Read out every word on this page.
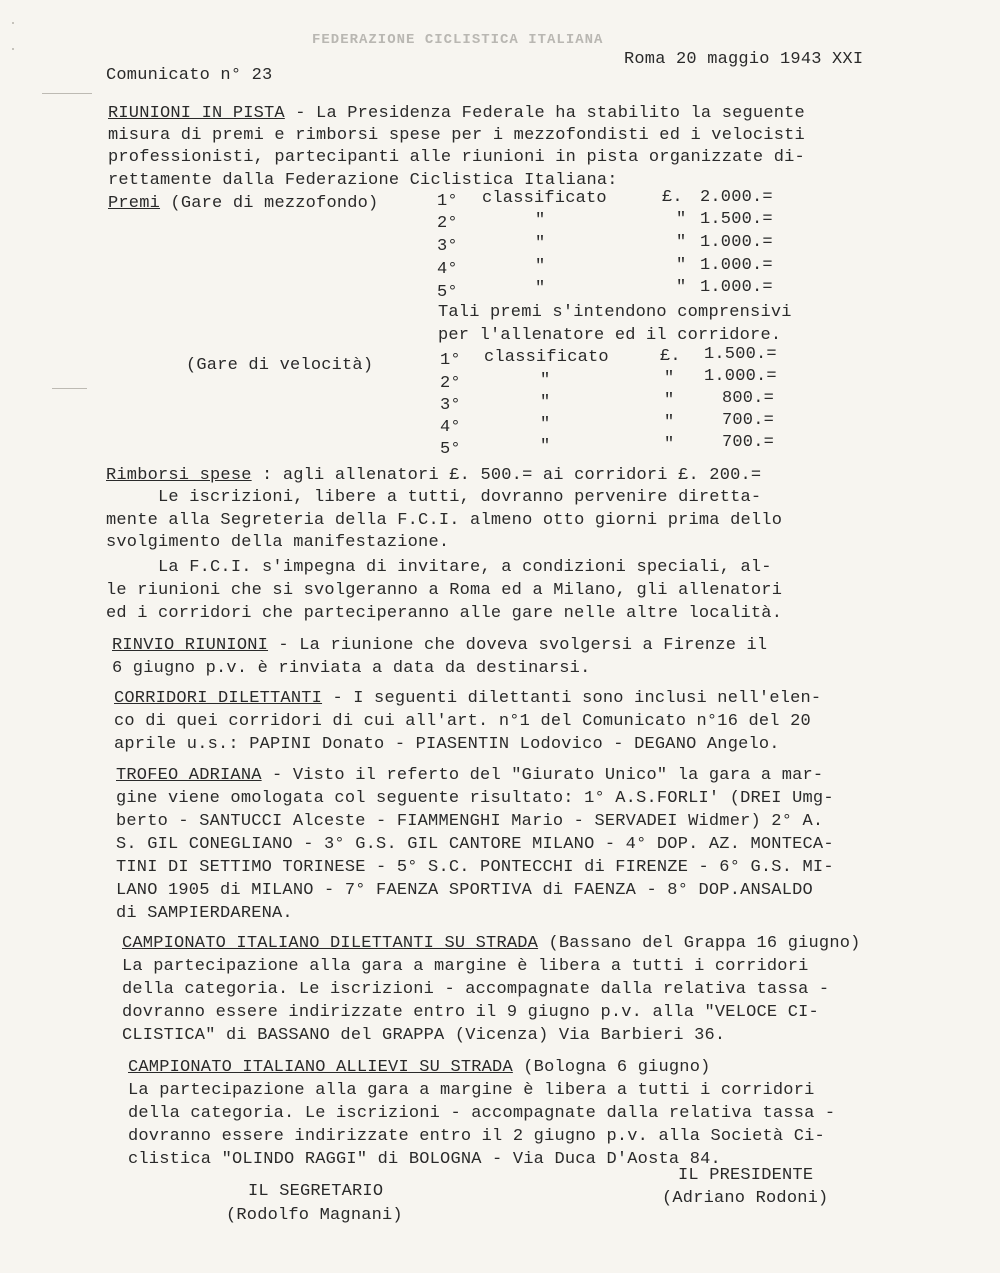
FEDERAZIONE CICLISTICA ITALIANA
Comunicato n° 23
Roma 20 maggio 1943 XXI
RIUNIONI IN PISTA - La Presidenza Federale ha stabilito la seguente
misura di premi e rimborsi spese per i mezzofondisti ed i velocisti
professionisti, partecipanti alle riunioni in pista organizzate di-
rettamente dalla Federazione Ciclistica Italiana:
Premi (Gare di mezzofondo)	1° classificato	£. 2.000.=
2°	"	" 1.500.=
3°	"	" 1.000.=
4°	"	" 1.000.=
5°	"	" 1.000.=
Tali premi s'intendono comprensivi
per l'allenatore ed il corridore.
(Gare di velocità)	1° classificato	£. 1.500.=
2°	"	" 1.000.=
3°	"	"	800.=
4°	"	"	700.=
5°	"	"	700.=
Rimborsi spese : agli allenatori £. 500.= ai corridori £. 200.=
Le iscrizioni, libere a tutti, dovranno pervenire diretta-
mente alla Segreteria della F.C.I. almeno otto giorni prima dello
svolgimento della manifestazione.
La F.C.I. s'impegna di invitare, a condizioni speciali, al-
le riunioni che si svolgeranno a Roma ed a Milano, gli allenatori
ed i corridori che parteciperanno alle gare nelle altre località.
RINVIO RIUNIONI - La riunione che doveva svolgersi a Firenze il
6 giugno p.v. è rinviata a data da destinarsi.
CORRIDORI DILETTANTI - I seguenti dilettanti sono inclusi nell'elen-
co di quei corridori di cui all'art. n°1 del Comunicato n°16 del 20
aprile u.s.: PAPINI Donato - PIASENTIN Lodovico - DEGANO Angelo.
TROFEO ADRIANA - Visto il referto del "Giurato Unico" la gara a mar-
gine viene omologata col seguente risultato: 1° A.S.FORLI' (DREI Umg-
berto - SANTUCCI Alceste - FIAMMENGHI Mario - SERVADEI Widmer) 2° A.
S. GIL CONEGLIANO - 3° G.S. GIL CANTORE MILANO - 4° DOP. AZ. MONTECA-
TINI DI SETTIMO TORINESE - 5° S.C. PONTECCHI di FIRENZE - 6° G.S. MI-
LANO 1905 di MILANO - 7° FAENZA SPORTIVA di FAENZA - 8° DOP.ANSALDO
di SAMPIERDARENA.
CAMPIONATO ITALIANO DILETTANTI SU STRADA (Bassano del Grappa 16 giugno)
La partecipazione alla gara a margine è libera a tutti i corridori
della categoria. Le iscrizioni - accompagnate dalla relativa tassa -
dovranno essere indirizzate entro il 9 giugno p.v. alla "VELOCE CI-
CLISTICA" di BASSANO del GRAPPA (Vicenza) Via Barbieri 36.
CAMPIONATO ITALIANO ALLIEVI SU STRADA (Bologna 6 giugno)
La partecipazione alla gara a margine è libera a tutti i corridori
della categoria. Le iscrizioni - accompagnate dalla relativa tassa -
dovranno essere indirizzate entro il 2 giugno p.v. alla Società Ci-
clistica "OLINDO RAGGI" di BOLOGNA - Via Duca D'Aosta 84.
IL SEGRETARIO
(Rodolfo Magnani)
IL PRESIDENTE
(Adriano Rodoni)
